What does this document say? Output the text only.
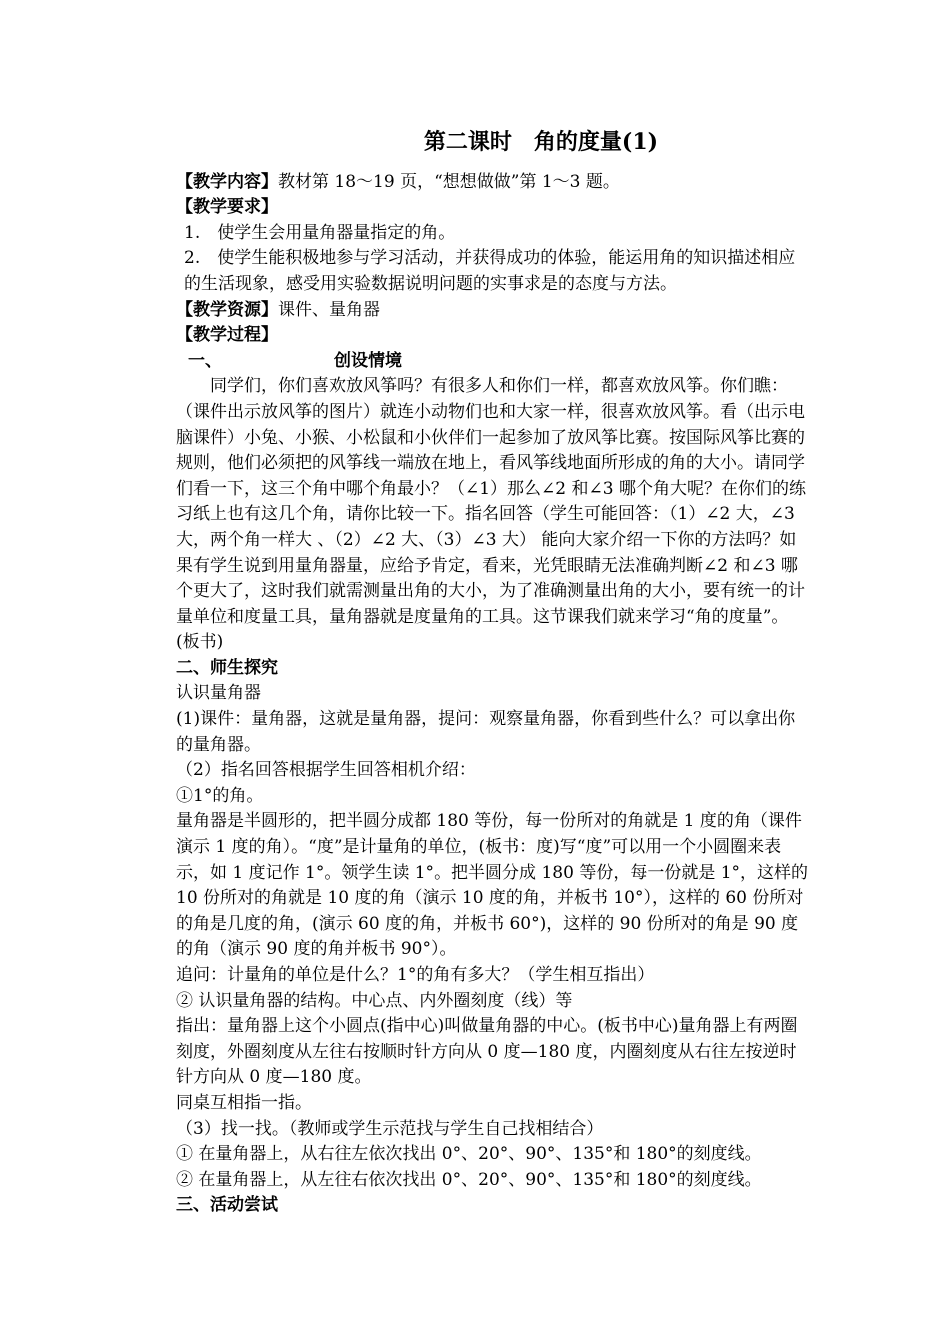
第二课时　角的度量(1)

【教学内容】教材第 18～19 页，“想想做做”第 1～3 题。

【教学要求】

1.　使学生会用量角器量指定的角。

2.　使学生能积极地参与学习活动，并获得成功的体验，能运用角的知识描述相应的生活现象，感受用实验数据说明问题的实事求是的态度与方法。

【教学资源】课件、量角器

【教学过程】

一、	创设情境

同学们，你们喜欢放风筝吗？有很多人和你们一样，都喜欢放风筝。你们瞧：（课件出示放风筝的图片）就连小动物们也和大家一样，很喜欢放风筝。看（出示电脑课件）小兔、小猴、小松鼠和小伙伴们一起参加了放风筝比赛。按国际风筝比赛的规则，他们必须把的风筝线一端放在地上，看风筝线地面所形成的角的大小。请同学们看一下，这三个角中哪个角最小？（∠1）那么∠2 和∠3 哪个角大呢？在你们的练习纸上也有这几个角，请你比较一下。指名回答（学生可能回答：（1）∠2 大，∠3 大，两个角一样大 、（2）∠2 大、（3）∠3 大） 能向大家介绍一下你的方法吗？如果有学生说到用量角器量，应给予肯定，看来，光凭眼睛无法准确判断∠2 和∠3 哪个更大了，这时我们就需测量出角的大小，为了准确测量出角的大小，要有统一的计量单位和度量工具，量角器就是度量角的工具。这节课我们就来学习“角的度量”。(板书)

二、师生探究

认识量角器

(1)课件：量角器，这就是量角器，提问：观察量角器，你看到些什么？可以拿出你的量角器。

（2）指名回答根据学生回答相机介绍：

①1°的角。

量角器是半圆形的，把半圆分成都 180 等份，每一份所对的角就是 1 度的角（课件演示 1 度的角）。“度”是计量角的单位，(板书：度)写“度”可以用一个小圆圈来表示，如 1 度记作 1°。领学生读 1°。把半圆分成 180 等份，每一份就是 1°，这样的 10 份所对的角就是 10 度的角（演示 10 度的角，并板书 10°），这样的 60 份所对的角是几度的角，(演示 60 度的角，并板书 60°)，这样的 90 份所对的角是 90 度的角（演示 90 度的角并板书 90°）。

追问：计量角的单位是什么？1°的角有多大？（学生相互指出）

② 认识量角器的结构。中心点、内外圈刻度（线）等

指出：量角器上这个小圆点(指中心)叫做量角器的中心。(板书中心)量角器上有两圈刻度，外圈刻度从左往右按顺时针方向从 0 度—180 度，内圈刻度从右往左按逆时针方向从 0 度—180 度。

同桌互相指一指。

（3）找一找。（教师或学生示范找与学生自己找相结合）

① 在量角器上，从右往左依次找出 0°、20°、90°、135°和 180°的刻度线。

② 在量角器上，从左往右依次找出 0°、20°、90°、135°和 180°的刻度线。

三、活动尝试
